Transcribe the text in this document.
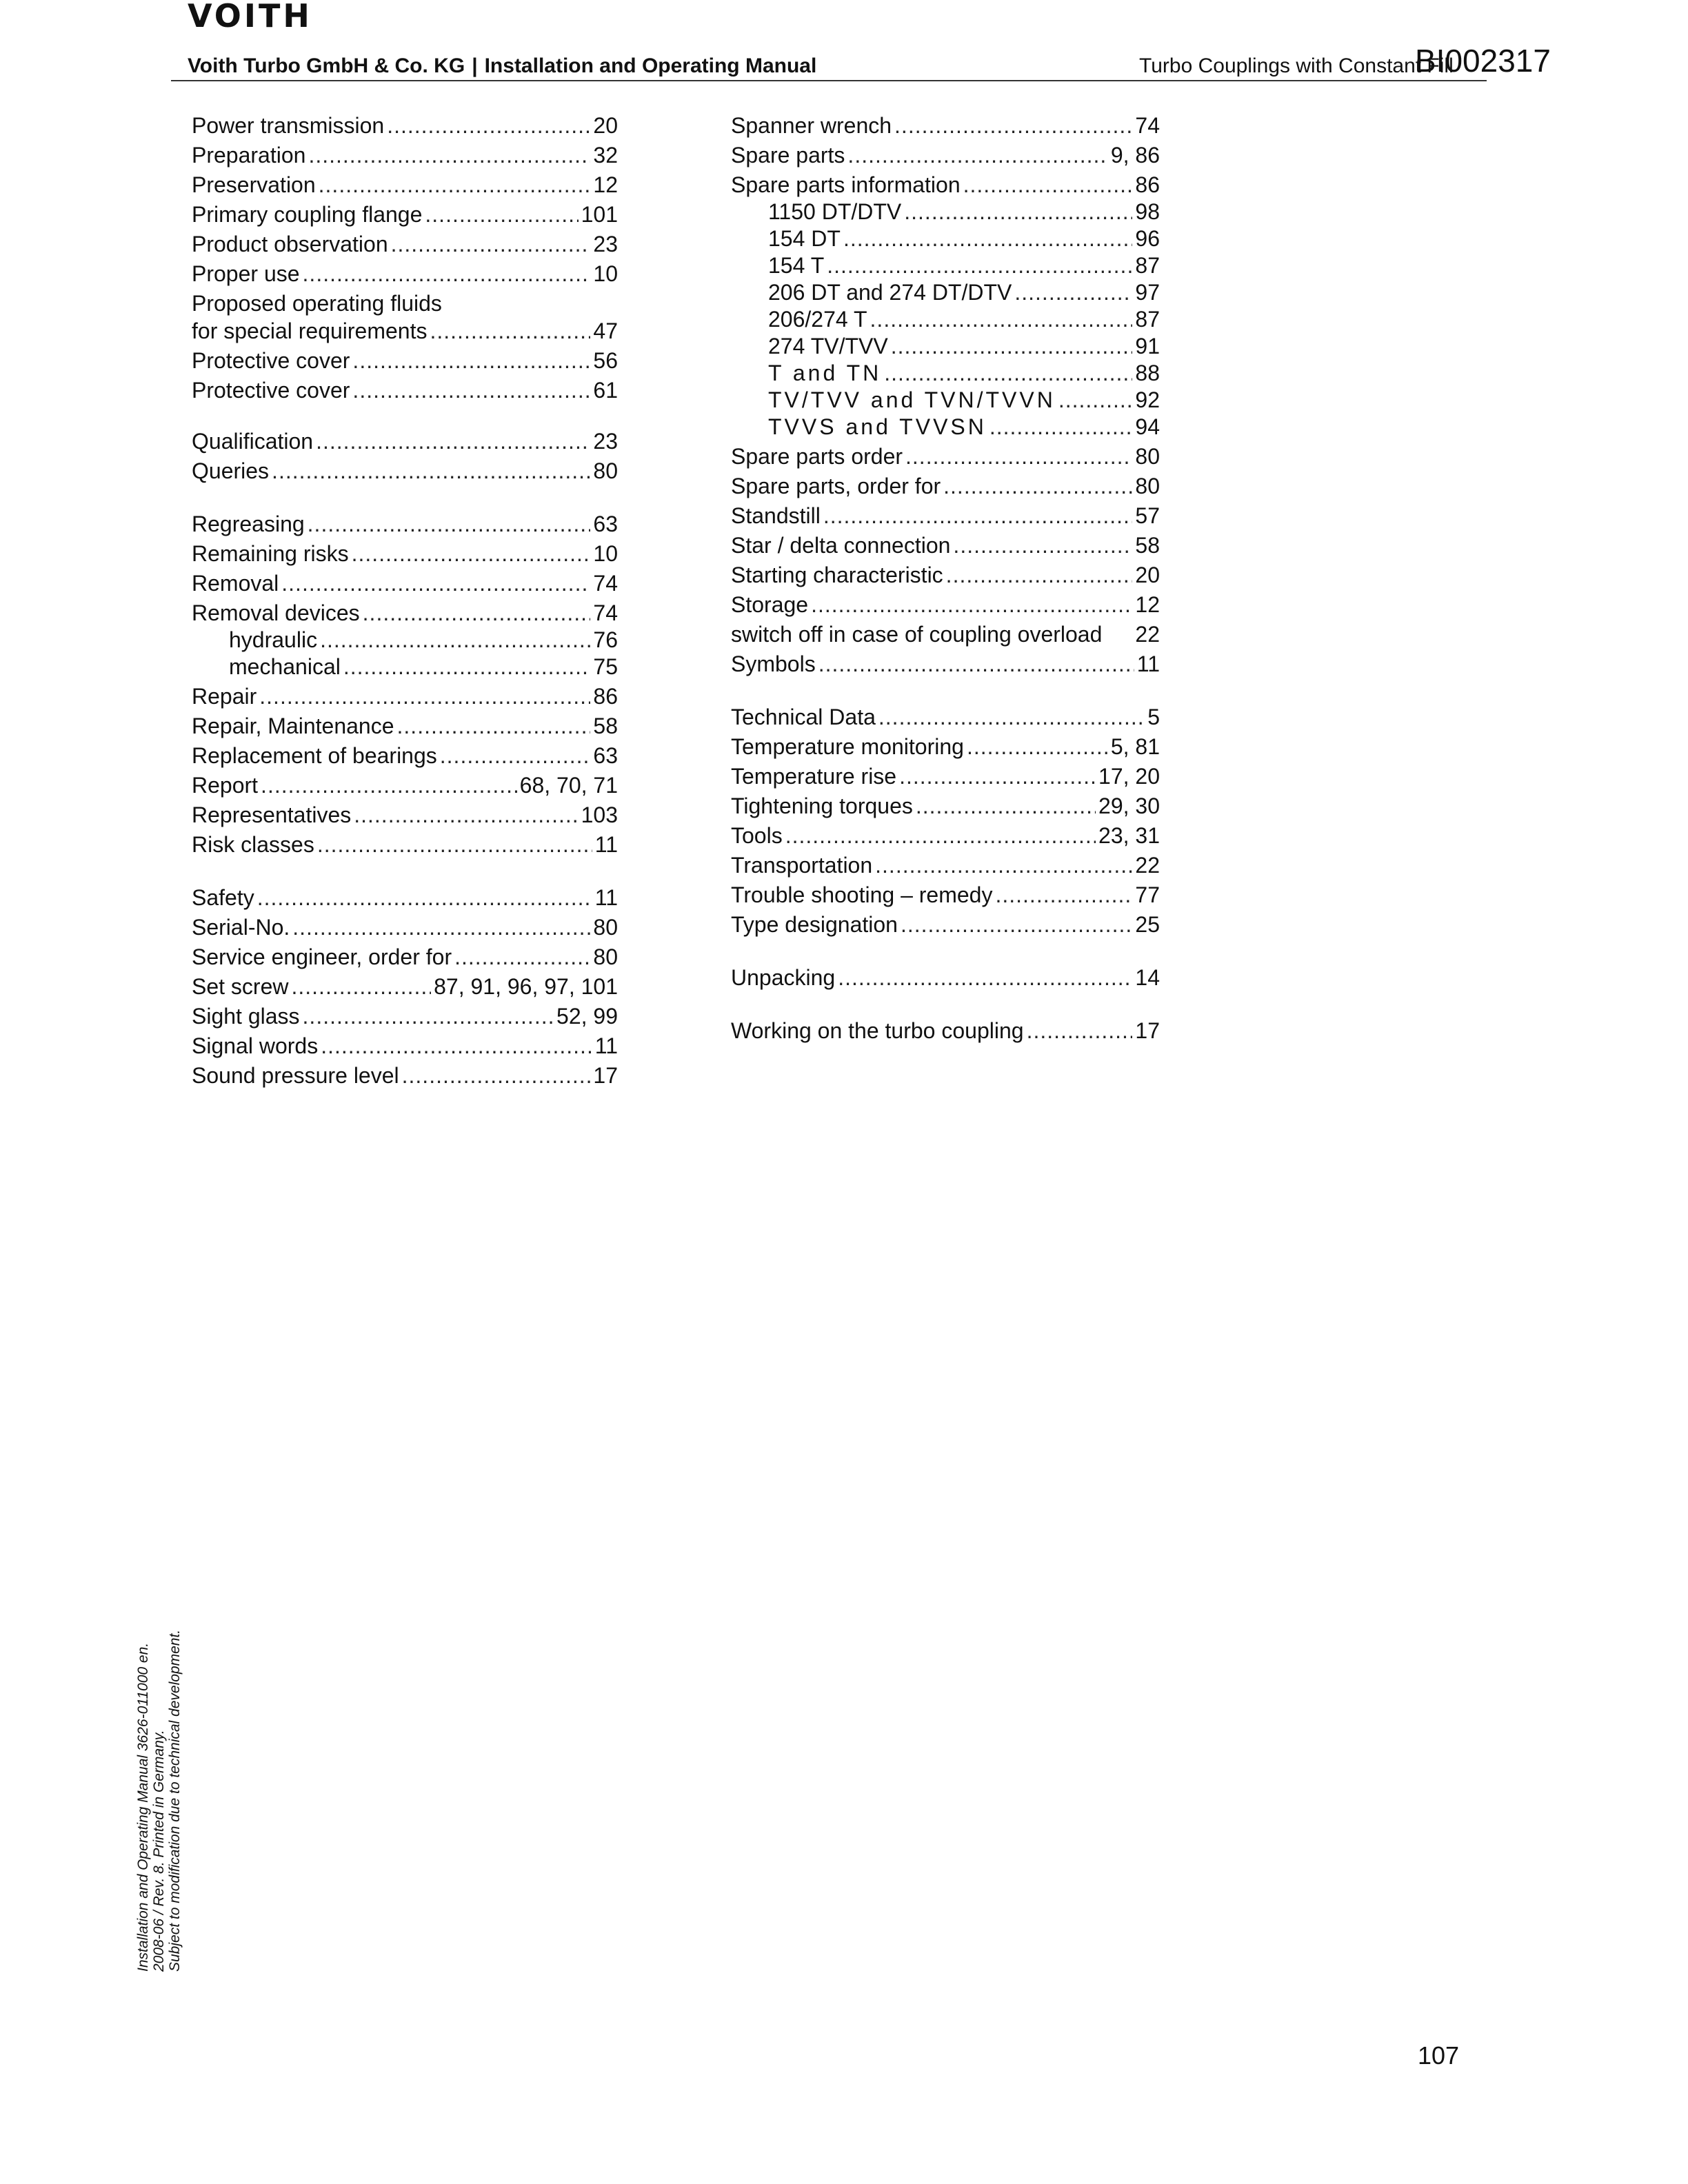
VOITH
Voith Turbo GmbH & Co. KG | Installation and Operating Manual	Turbo Couplings with Constant Fill
BI002317
Power transmission .....	20
Preparation .....	32
Preservation .....	12
Primary coupling flange .....	101
Product observation .....	23
Proper use .....	10
Proposed operating fluids
for special requirements .....	47
Protective cover .....	56
Protective cover .....	61
Qualification .....	23
Queries .....	80
Regreasing .....	63
Remaining risks .....	10
Removal .....	74
Removal devices .....	74
hydraulic .....	76
mechanical .....	75
Repair .....	86
Repair, Maintenance .....	58
Replacement of bearings .....	63
Report .....	68, 70, 71
Representatives .....	103
Risk classes .....	11
Safety .....	11
Serial-No. .....	80
Service engineer, order for .....	80
Set screw .....	87, 91, 96, 97, 101
Sight glass .....	52, 99
Signal words .....	11
Sound pressure level .....	17
Spanner wrench .....	74
Spare parts .....	9, 86
Spare parts information .....	86
1150 DT/DTV .....	98
154 DT .....	96
154 T .....	87
206 DT and 274 DT/DTV .....	97
206/274 T .....	87
274 TV/TVV .....	91
T and TN .....	88
TV/TVV and TVN/TVVN .....	92
TVVS and TVVSN .....	94
Spare parts order .....	80
Spare parts, order for .....	80
Standstill .....	57
Star / delta connection .....	58
Starting characteristic .....	20
Storage .....	12
switch off in case of coupling overload	22
Symbols .....	11
Technical Data .....	5
Temperature monitoring .....	5, 81
Temperature rise .....	17, 20
Tightening torques .....	29, 30
Tools .....	23, 31
Transportation .....	22
Trouble shooting – remedy .....	77
Type designation .....	25
Unpacking .....	14
Working on the turbo coupling .....	17
Installation and Operating Manual 3626-011000 en. 2008-06 / Rev. 8. Printed in Germany. Subject to modification due to technical development.
107
